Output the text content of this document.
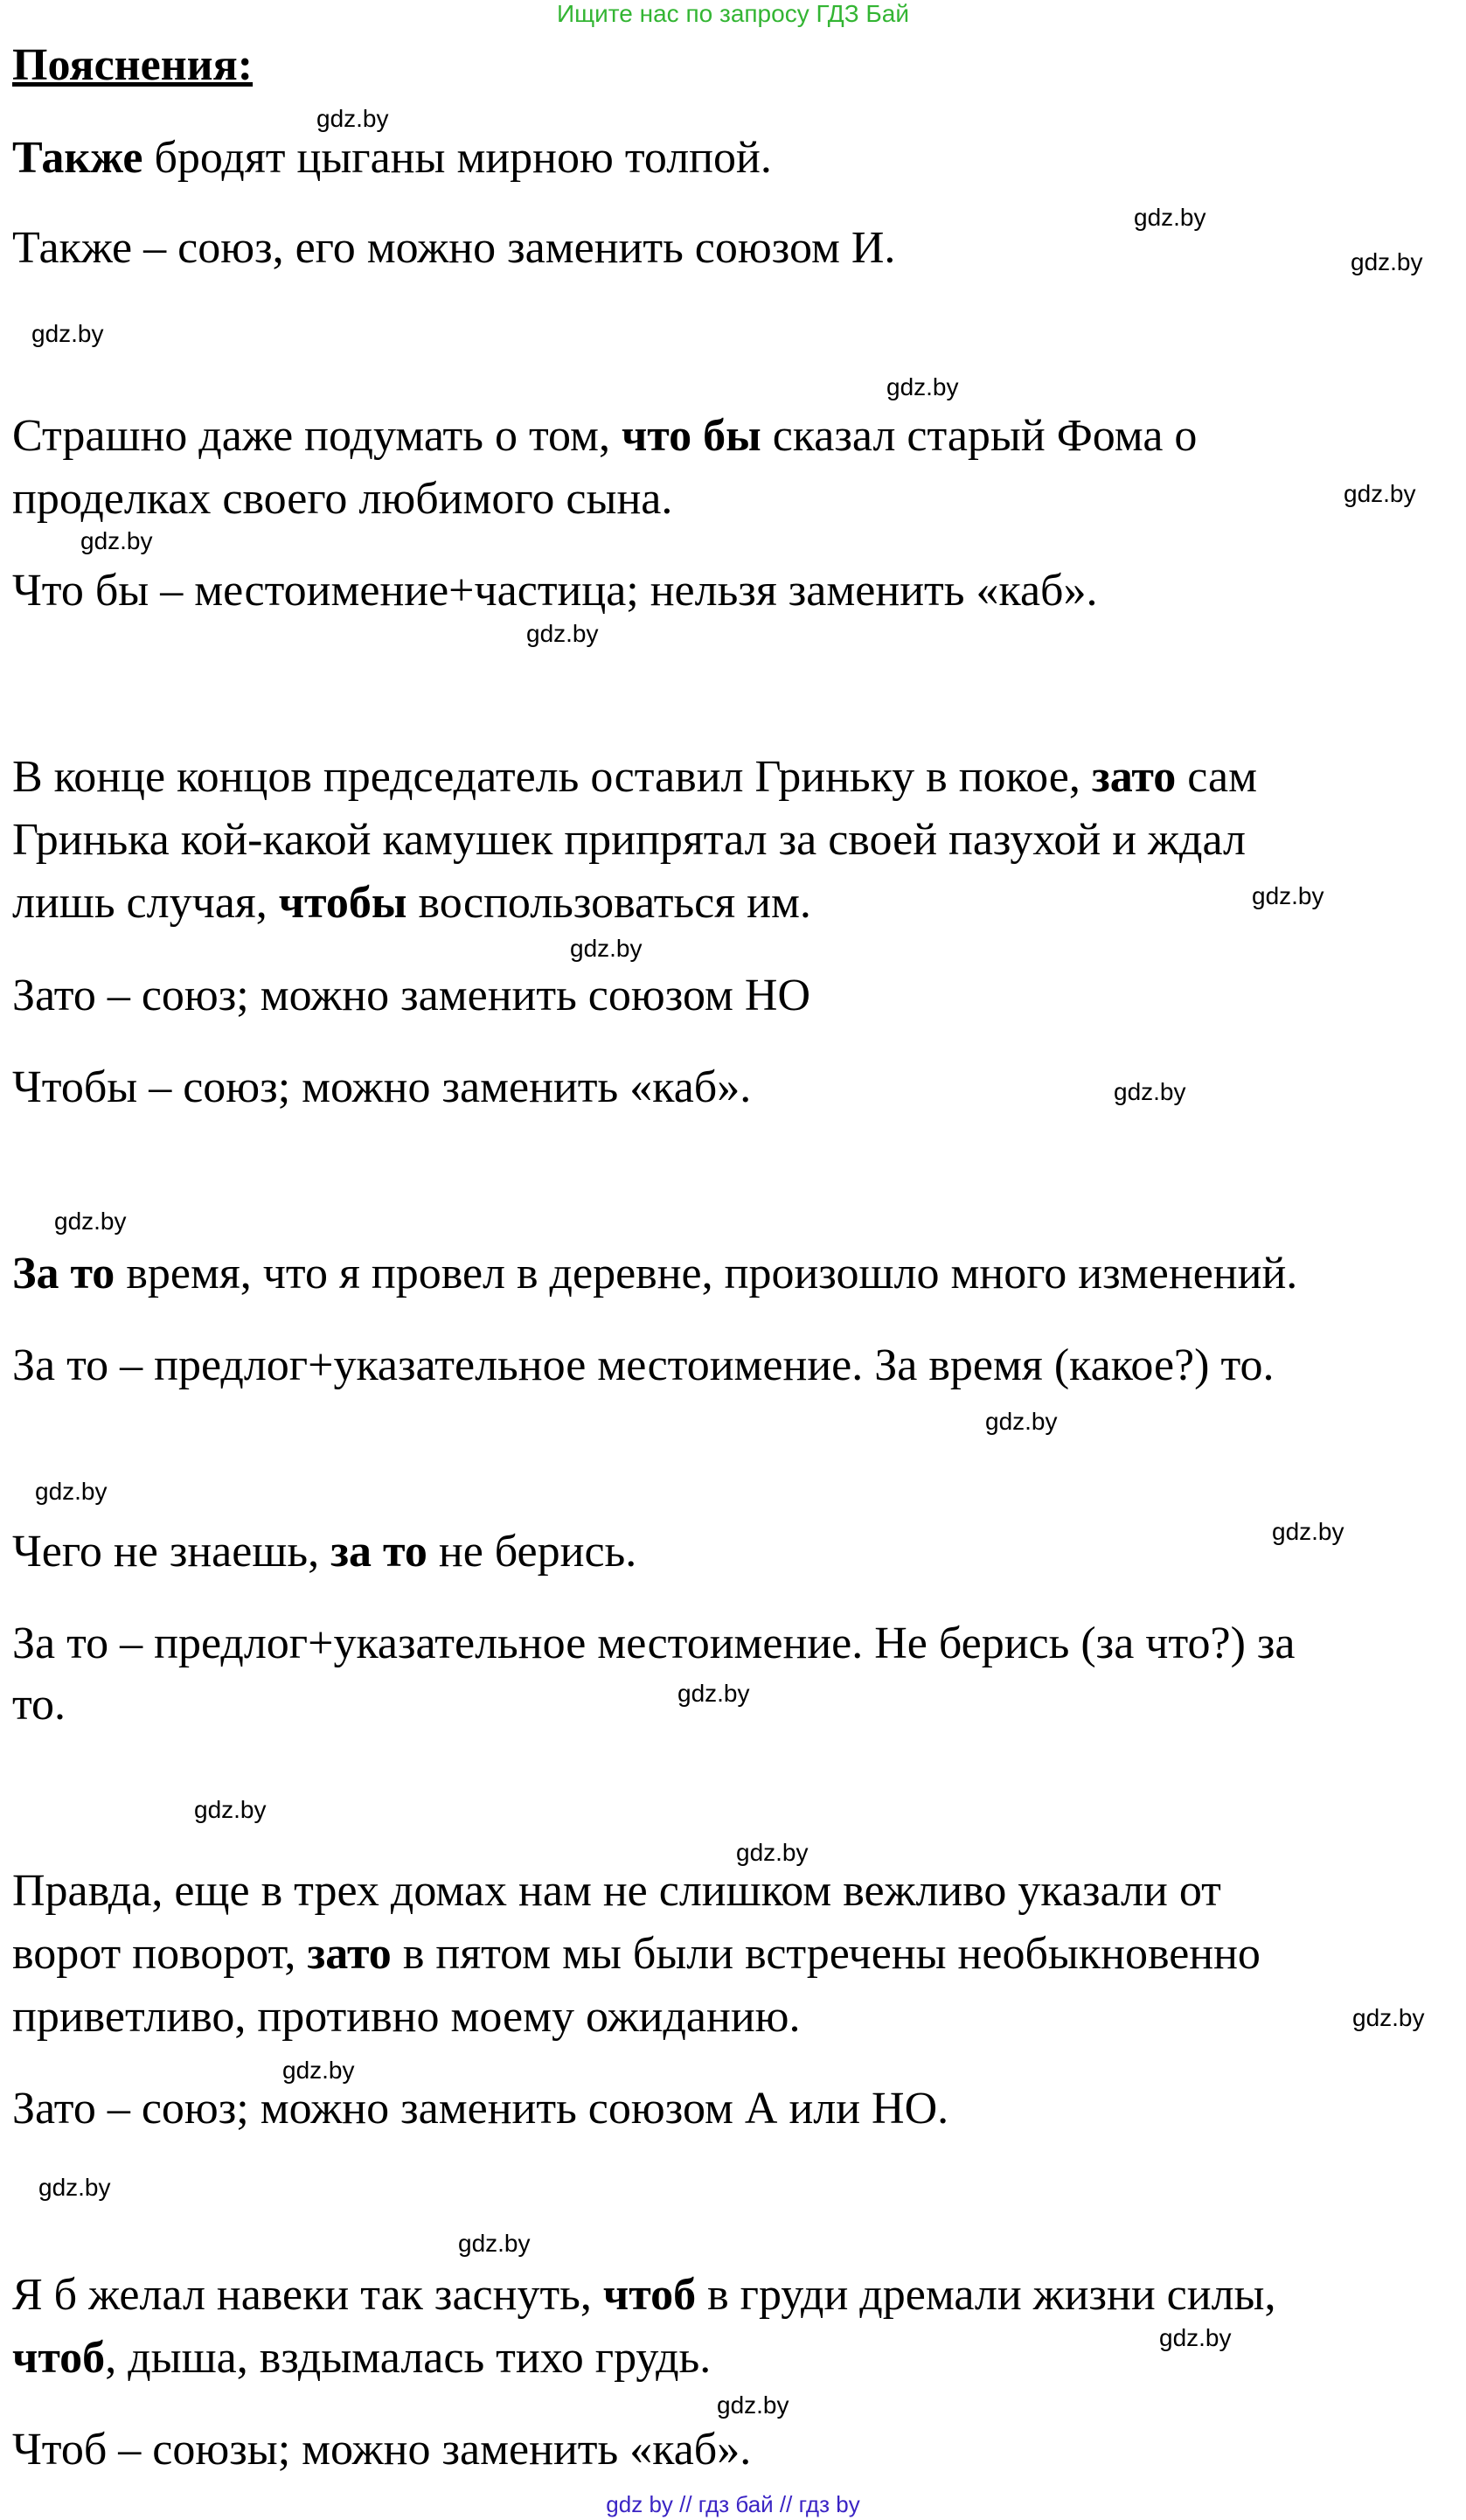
Ищите нас по запросу ГДЗ Бай
Пояснения:
Также бродят цыганы мирною толпой.
Также – союз, его можно заменить союзом И.
Страшно даже подумать о том, что бы сказал старый Фома о
проделках своего любимого сына.
Что бы – местоимение+частица; нельзя заменить «каб».
В конце концов председатель оставил Гриньку в покое, зато сам
Гринька кой-какой камушек припрятал за своей пазухой и ждал
лишь случая, чтобы воспользоваться им.
Зато – союз; можно заменить союзом НО
Чтобы – союз; можно заменить «каб».
За то время, что я провел в деревне, произошло много изменений.
За то – предлог+указательное местоимение. За время (какое?) то.
Чего не знаешь, за то не берись.
За то – предлог+указательное местоимение. Не берись (за что?) за
то.
Правда, еще в трех домах нам не слишком вежливо указали от
ворот поворот, зато в пятом мы были встречены необыкновенно
приветливо, противно моему ожиданию.
Зато – союз; можно заменить союзом А или НО.
Я б желал навеки так заснуть, чтоб в груди дремали жизни силы,
чтоб, дыша, вздымалась тихо грудь.
Чтоб – союзы; можно заменить «каб».
gdz.by
gdz.by
gdz.by
gdz.by
gdz.by
gdz.by
gdz.by
gdz.by
gdz.by
gdz.by
gdz.by
gdz.by
gdz.by
gdz.by
gdz.by
gdz.by
gdz.by
gdz.by
gdz.by
gdz.by
gdz.by
gdz.by
gdz.by
gdz.by
gdz by // гдз бай // гдз by
